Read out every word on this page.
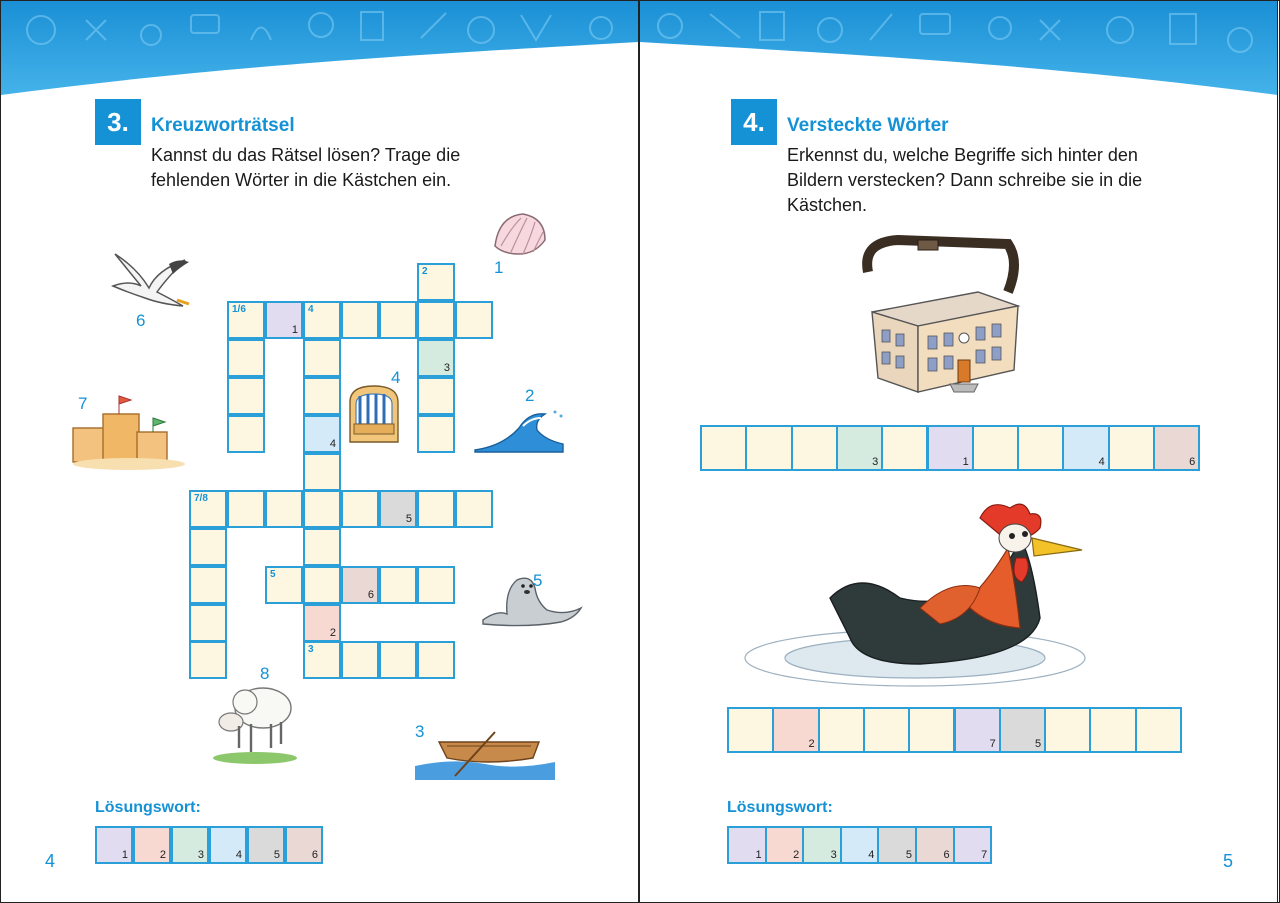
3.	Kreuzworträtsel
Kannst du das Rätsel lösen? Trage die
fehlenden Wörter in die Kästchen ein.
1/6
1
4
2
3
4
7/8
5
5
6
2
3
6
1
7
4
2
5
8
3
Lösungswort:
1	2	3	4	5	6
4
4.	Versteckte Wörter
Erkennst du, welche Begriffe sich hinter den
Bildern verstecken? Dann schreibe sie in die
Kästchen.
3	1	4	6
2	7	5
Lösungswort:
1	2	3	4	5	6	7	5
